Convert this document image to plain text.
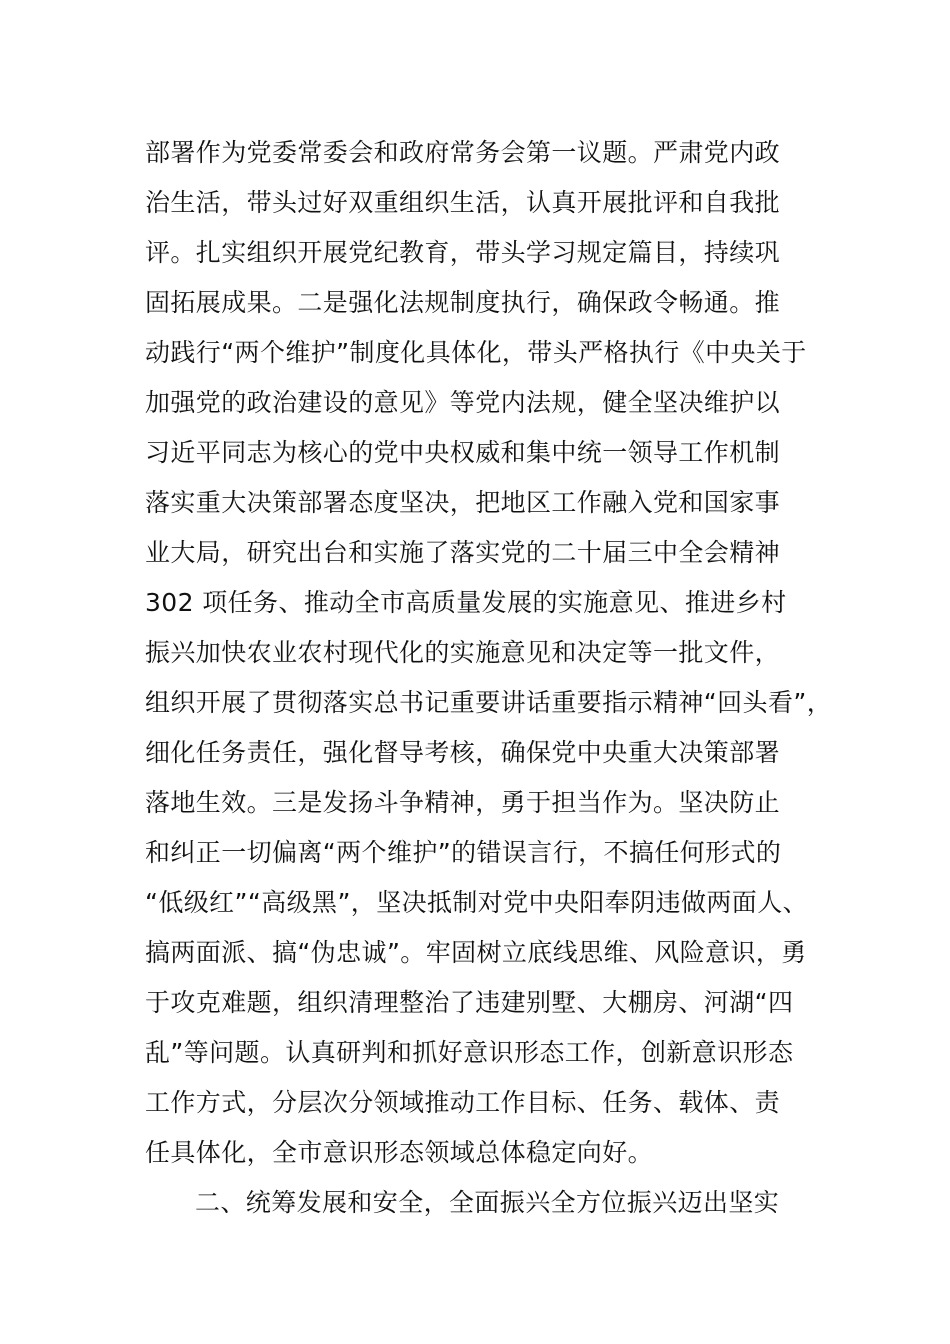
部署作为党委常委会和政府常务会第一议题。严肃党内政
治生活，带头过好双重组织生活，认真开展批评和自我批
评。扎实组织开展党纪教育，带头学习规定篇目，持续巩
固拓展成果。二是强化法规制度执行，确保政令畅通。推
动践行“两个维护”制度化具体化，带头严格执行《中央关于
加强党的政治建设的意见》等党内法规，健全坚决维护以
习近平同志为核心的党中央权威和集中统一领导工作机制
落实重大决策部署态度坚决，把地区工作融入党和国家事
业大局，研究出台和实施了落实党的二十届三中全会精神
302 项任务、推动全市高质量发展的实施意见、推进乡村
振兴加快农业农村现代化的实施意见和决定等一批文件，
组织开展了贯彻落实总书记重要讲话重要指示精神“回头看”，
细化任务责任，强化督导考核，确保党中央重大决策部署
落地生效。三是发扬斗争精神，勇于担当作为。坚决防止
和纠正一切偏离“两个维护”的错误言行，不搞任何形式的
“低级红”“高级黑”，坚决抵制对党中央阳奉阴违做两面人、
搞两面派、搞“伪忠诚”。牢固树立底线思维、风险意识，勇
于攻克难题，组织清理整治了违建别墅、大棚房、河湖“四
乱”等问题。认真研判和抓好意识形态工作，创新意识形态
工作方式，分层次分领域推动工作目标、任务、载体、责
任具体化，全市意识形态领域总体稳定向好。
二、统筹发展和安全，全面振兴全方位振兴迈出坚实
